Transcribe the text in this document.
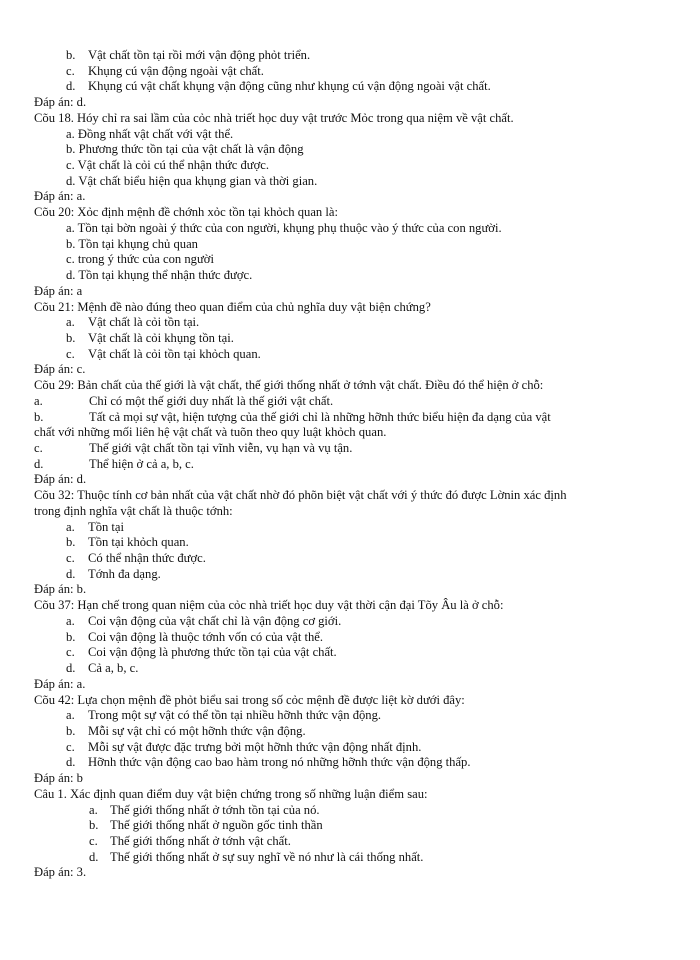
b. Vật chất tồn tại rồi mới vận động phỏt triển.
c. Khụng cú vận động ngoài vật chất.
d. Khụng cú vật chất khụng vận động cũng như khụng cú vận động ngoài vật chất.
Đáp án: d.
Cõu 18. Hóy chỉ ra sai lầm của cỏc nhà triết học duy vật trước Mỏc trong qua niệm về vật chất.
a. Đồng nhất vật chất với vật thể.
b. Phương thức tồn tại của vật chất là vận động
c. Vật chất là cỏi cú thể nhận thức được.
d. Vật chất biểu hiện qua khụng gian và thời gian.
Đáp án: a.
Cõu 20: Xỏc định mệnh đề chớnh xỏc tồn tại khỏch quan là:
a. Tồn tại bờn ngoài ý thức của con người, khụng phụ thuộc vào ý thức của con người.
b. Tồn tại khụng chủ quan
c. trong ý thức của con người
d. Tồn tại khụng thể nhận thức được.
Đáp án: a
Cõu 21: Mệnh đề nào đúng theo quan điểm của chủ nghĩa duy vật biện chứng?
a. Vật chất là cỏi tồn tại.
b. Vật chất là cỏi khụng tồn tại.
c. Vật chất là cỏi tồn tại khỏch quan.
Đáp án: c.
Cõu 29: Bản chất của thế giới là vật chất, thế giới thống nhất ở tớnh vật chất. Điều đó thể hiện ở chỗ:
a.	Chỉ có một thế giới duy nhất là thế giới vật chất.
b.	Tất cả mọi sự vật, hiện tượng của thế giới chỉ là những hỡnh thức biểu hiện đa dạng của vật
chất với những mối liên hệ vật chất và tuõn theo quy luật khỏch quan.
c.	Thế giới vật chất tồn tại vĩnh viễn, vụ hạn và vụ tận.
d.	Thể hiện ở cả a, b, c.
Đáp án: d.
Cõu 32: Thuộc tính cơ bản nhất của vật chất nhờ đó phõn biệt vật chất với ý thức đó được Lờnin xác định
trong định nghĩa vật chất là thuộc tớnh:
a. Tồn tại
b. Tồn tại khỏch quan.
c. Có thể nhận thức được.
d. Tớnh đa dạng.
Đáp án: b.
Cõu 37: Hạn chế trong quan niệm của cỏc nhà triết học duy vật thời cận đại Tõy Âu là ở chỗ:
a. Coi vận động của vật chất chỉ là vận động cơ giới.
b. Coi vận động là thuộc tớnh vốn có của vật thể.
c. Coi vận động là phương thức tồn tại của vật chất.
d. Cả a, b, c.
Đáp án: a.
Cõu 42: Lựa chọn mệnh đề phỏt biểu sai trong số cỏc mệnh đề được liệt kờ dưới đây:
a. Trong một sự vật có thể tồn tại nhiều hỡnh thức vận động.
b. Mỗi sự vật chỉ có một hỡnh thức vận động.
c. Mỗi sự vật được đặc trưng bởi một hỡnh thức vận động nhất định.
d. Hỡnh thức vận động cao bao hàm trong nó những hỡnh thức vận động thấp.
Đáp án: b
Câu 1. Xác định quan điểm duy vật biện chứng trong số những luận điểm sau:
a. Thế giới thống nhất ở tớnh tồn tại của nó.
b. Thế giới thống nhất ở nguồn gốc tinh thần
c. Thế giới thống nhất ở tớnh vật chất.
d. Thế giới thống nhất ở sự suy nghĩ về nó như là cái thống nhất.
Đáp án: 3.
